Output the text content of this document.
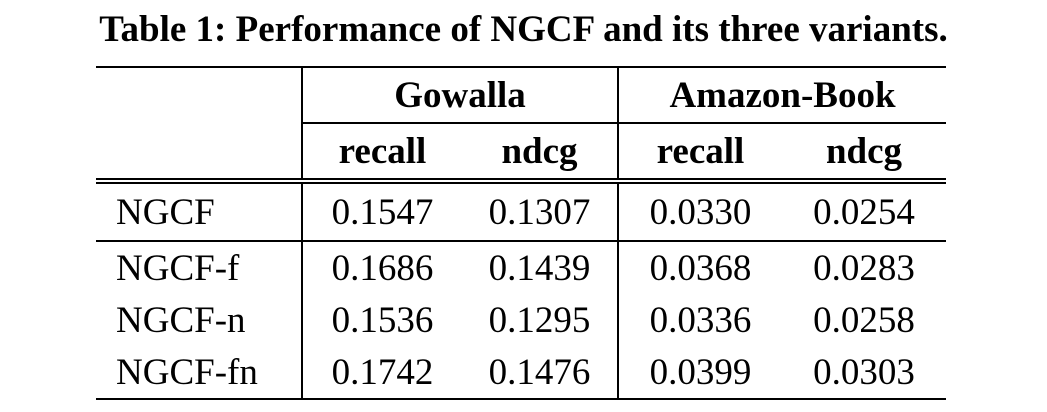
Table 1: Performance of NGCF and its three variants.
	Gowalla		Amazon-Book	
	recall	ndcg	recall	ndcg
NGCF	0.1547	0.1307	0.0330	0.0254
NGCF-f	0.1686	0.1439	0.0368	0.0283
NGCF-n	0.1536	0.1295	0.0336	0.0258
NGCF-fn	0.1742	0.1476	0.0399	0.0303
